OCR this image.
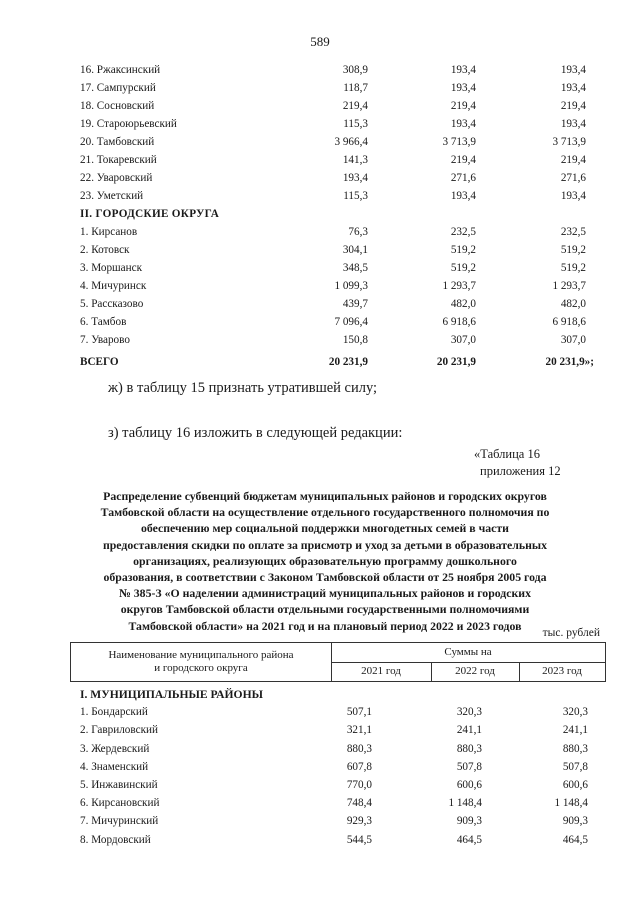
589
16. Ржаксинский	308,9	193,4	193,4
17. Сампурский	118,7	193,4	193,4
18. Сосновский	219,4	219,4	219,4
19. Староюрьевский	115,3	193,4	193,4
20. Тамбовский	3 966,4	3 713,9	3 713,9
21. Токаревский	141,3	219,4	219,4
22. Уваровский	193,4	271,6	271,6
23. Уметский	115,3	193,4	193,4
II. ГОРОДСКИЕ ОКРУГА
1. Кирсанов	76,3	232,5	232,5
2. Котовск	304,1	519,2	519,2
3. Моршанск	348,5	519,2	519,2
4. Мичуринск	1 099,3	1 293,7	1 293,7
5. Рассказово	439,7	482,0	482,0
6. Тамбов	7 096,4	6 918,6	6 918,6
7. Уварово	150,8	307,0	307,0
ВСЕГО	20 231,9	20 231,9	20 231,9»;
ж) в таблицу 15 признать утратившей силу;
з) таблицу 16 изложить в следующей редакции:
«Таблица 16
приложения 12
Распределение субвенций бюджетам муниципальных районов и городских округов
Тамбовской области на осуществление отдельного государственного полномочия по
обеспечению мер социальной поддержки многодетных семей в части
предоставления скидки по оплате за присмотр и уход за детьми в образовательных
организациях, реализующих образовательную программу дошкольного
образования, в соответствии с Законом Тамбовской области от 25 ноября 2005 года
№ 385-З «О наделении администраций муниципальных районов и городских
округов Тамбовской области отдельными государственными полномочиями
Тамбовской области» на 2021 год и на плановый период 2022 и 2023 годов
тыс. рублей
Наименование муниципального района
и городского округа
Суммы на
2021 год	2022 год	2023 год
I. МУНИЦИПАЛЬНЫЕ РАЙОНЫ
1. Бондарский	507,1	320,3	320,3
2. Гавриловский	321,1	241,1	241,1
3. Жердевский	880,3	880,3	880,3
4. Знаменский	607,8	507,8	507,8
5. Инжавинский	770,0	600,6	600,6
6. Кирсановский	748,4	1 148,4	1 148,4
7. Мичуринский	929,3	909,3	909,3
8. Мордовский	544,5	464,5	464,5
